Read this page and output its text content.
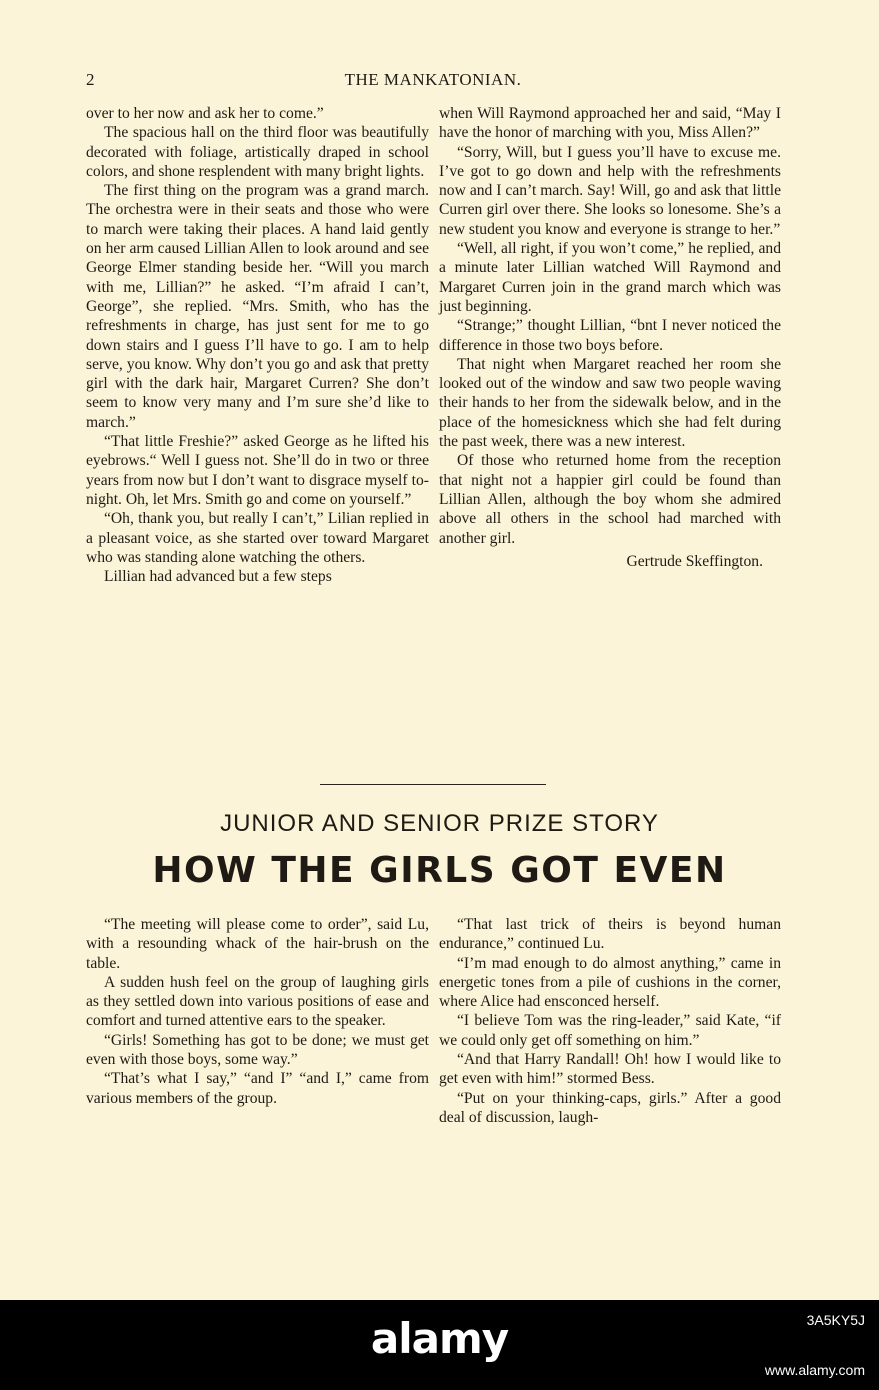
2	THE MANKATONIAN.

over to her now and ask her to come.”

The spacious hall on the third floor was beautifully decorated with foliage, artistically draped in school colors, and shone resplendent with many bright lights.

The first thing on the program was a grand march. The orchestra were in their seats and those who were to march were taking their places. A hand laid gently on her arm caused Lillian Allen to look around and see George Elmer standing beside her. “Will you march with me, Lillian?” he asked. “I’m afraid I can’t, George”, she replied. “Mrs. Smith, who has the refreshments in charge, has just sent for me to go down stairs and I guess I’ll have to go. I am to help serve, you know. Why don’t you go and ask that pretty girl with the dark hair, Margaret Curren? She don’t seem to know very many and I’m sure she’d like to march.”

“That little Freshie?” asked George as he lifted his eyebrows.“ Well I guess not. She’ll do in two or three years from now but I don’t want to disgrace myself to-night. Oh, let Mrs. Smith go and come on yourself.”

“Oh, thank you, but really I can’t,” Lilian replied in a pleasant voice, as she started over toward Margaret who was standing alone watching the others.

Lillian had advanced but a few steps

when Will Raymond approached her and said, “May I have the honor of marching with you, Miss Allen?”

“Sorry, Will, but I guess you’ll have to excuse me. I’ve got to go down and help with the refreshments now and I can’t march. Say! Will, go and ask that little Curren girl over there. She looks so lonesome. She’s a new student you know and everyone is strange to her.”

“Well, all right, if you won’t come,” he replied, and a minute later Lillian watched Will Raymond and Margaret Curren join in the grand march which was just beginning.

“Strange;” thought Lillian, “bnt I never noticed the difference in those two boys before.

That night when Margaret reached her room she looked out of the window and saw two people waving their hands to her from the sidewalk below, and in the place of the homesickness which she had felt during the past week, there was a new interest.

Of those who returned home from the reception that night not a happier girl could be found than Lillian Allen, although the boy whom she admired above all others in the school had marched with another girl.

Gertrude Skeffington.

JUNIOR AND SENIOR PRIZE STORY
HOW THE GIRLS GOT EVEN

“The meeting will please come to order”, said Lu, with a resounding whack of the hair-brush on the table.

A sudden hush feel on the group of laughing girls as they settled down into various positions of ease and comfort and turned attentive ears to the speaker.

“Girls! Something has got to be done; we must get even with those boys, some way.”

“That’s what I say,” “and I” “and I,” came from various members of the group.

“That last trick of theirs is beyond human endurance,” continued Lu.

“I’m mad enough to do almost anything,” came in energetic tones from a pile of cushions in the corner, where Alice had ensconced herself.

“I believe Tom was the ring-leader,” said Kate, “if we could only get off something on him.”

“And that Harry Randall! Oh! how I would like to get even with him!” stormed Bess.

“Put on your thinking-caps, girls.” After a good deal of discussion, laugh-

alamy	3A5KY5J
www.alamy.com
